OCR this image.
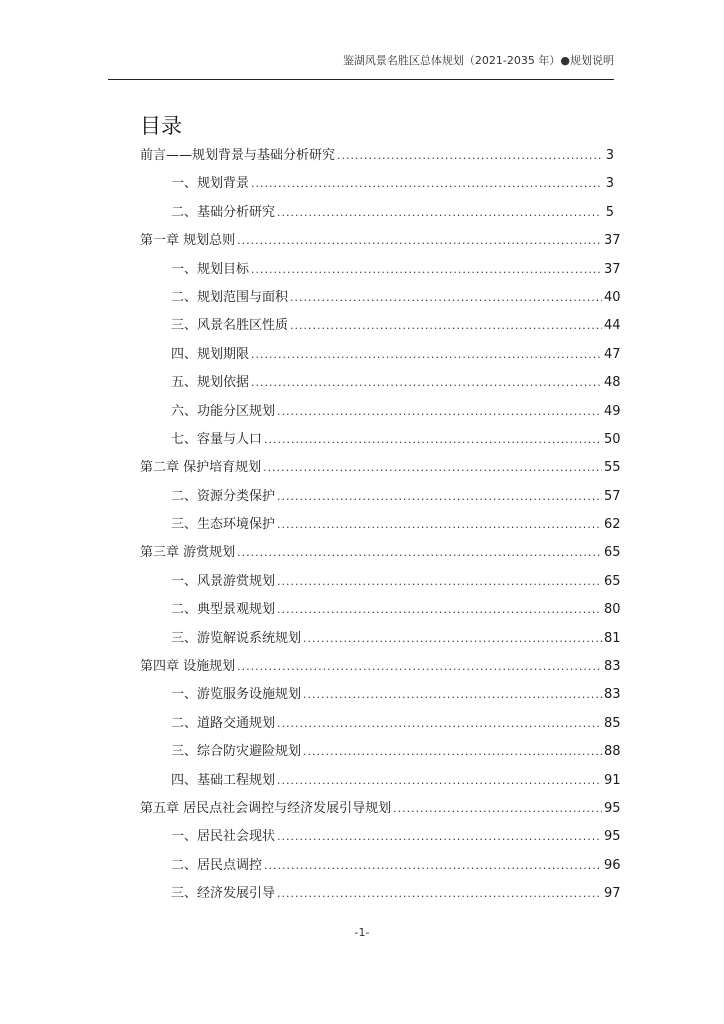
鉴湖风景名胜区总体规划（2021-2035 年）●规划说明
目录
前言——规划背景与基础分析研究 .....	3
一、 规划背景 .....	3
二、 基础分析研究 .....	5
第一章 规划总则 .....	37
一、 规划目标 .....	37
二、 规划范围与面积 .....	40
三、 风景名胜区性质 .....	44
四、 规划期限 .....	47
五、 规划依据 .....	48
六、 功能分区规划 .....	49
七、 容量与人口 .....	50
第二章 保护培育规划 .....	55
二、 资源分类保护 .....	57
三、 生态环境保护 .....	62
第三章 游赏规划 .....	65
一、 风景游赏规划 .....	65
二、 典型景观规划 .....	80
三、 游览解说系统规划 .....	81
第四章 设施规划 .....	83
一、 游览服务设施规划 .....	83
二、 道路交通规划 .....	85
三、 综合防灾避险规划 .....	88
四、 基础工程规划 .....	91
第五章 居民点社会调控与经济发展引导规划 .....	95
一、 居民社会现状 .....	95
二、 居民点调控 .....	96
三、 经济发展引导 .....	97
-1-
